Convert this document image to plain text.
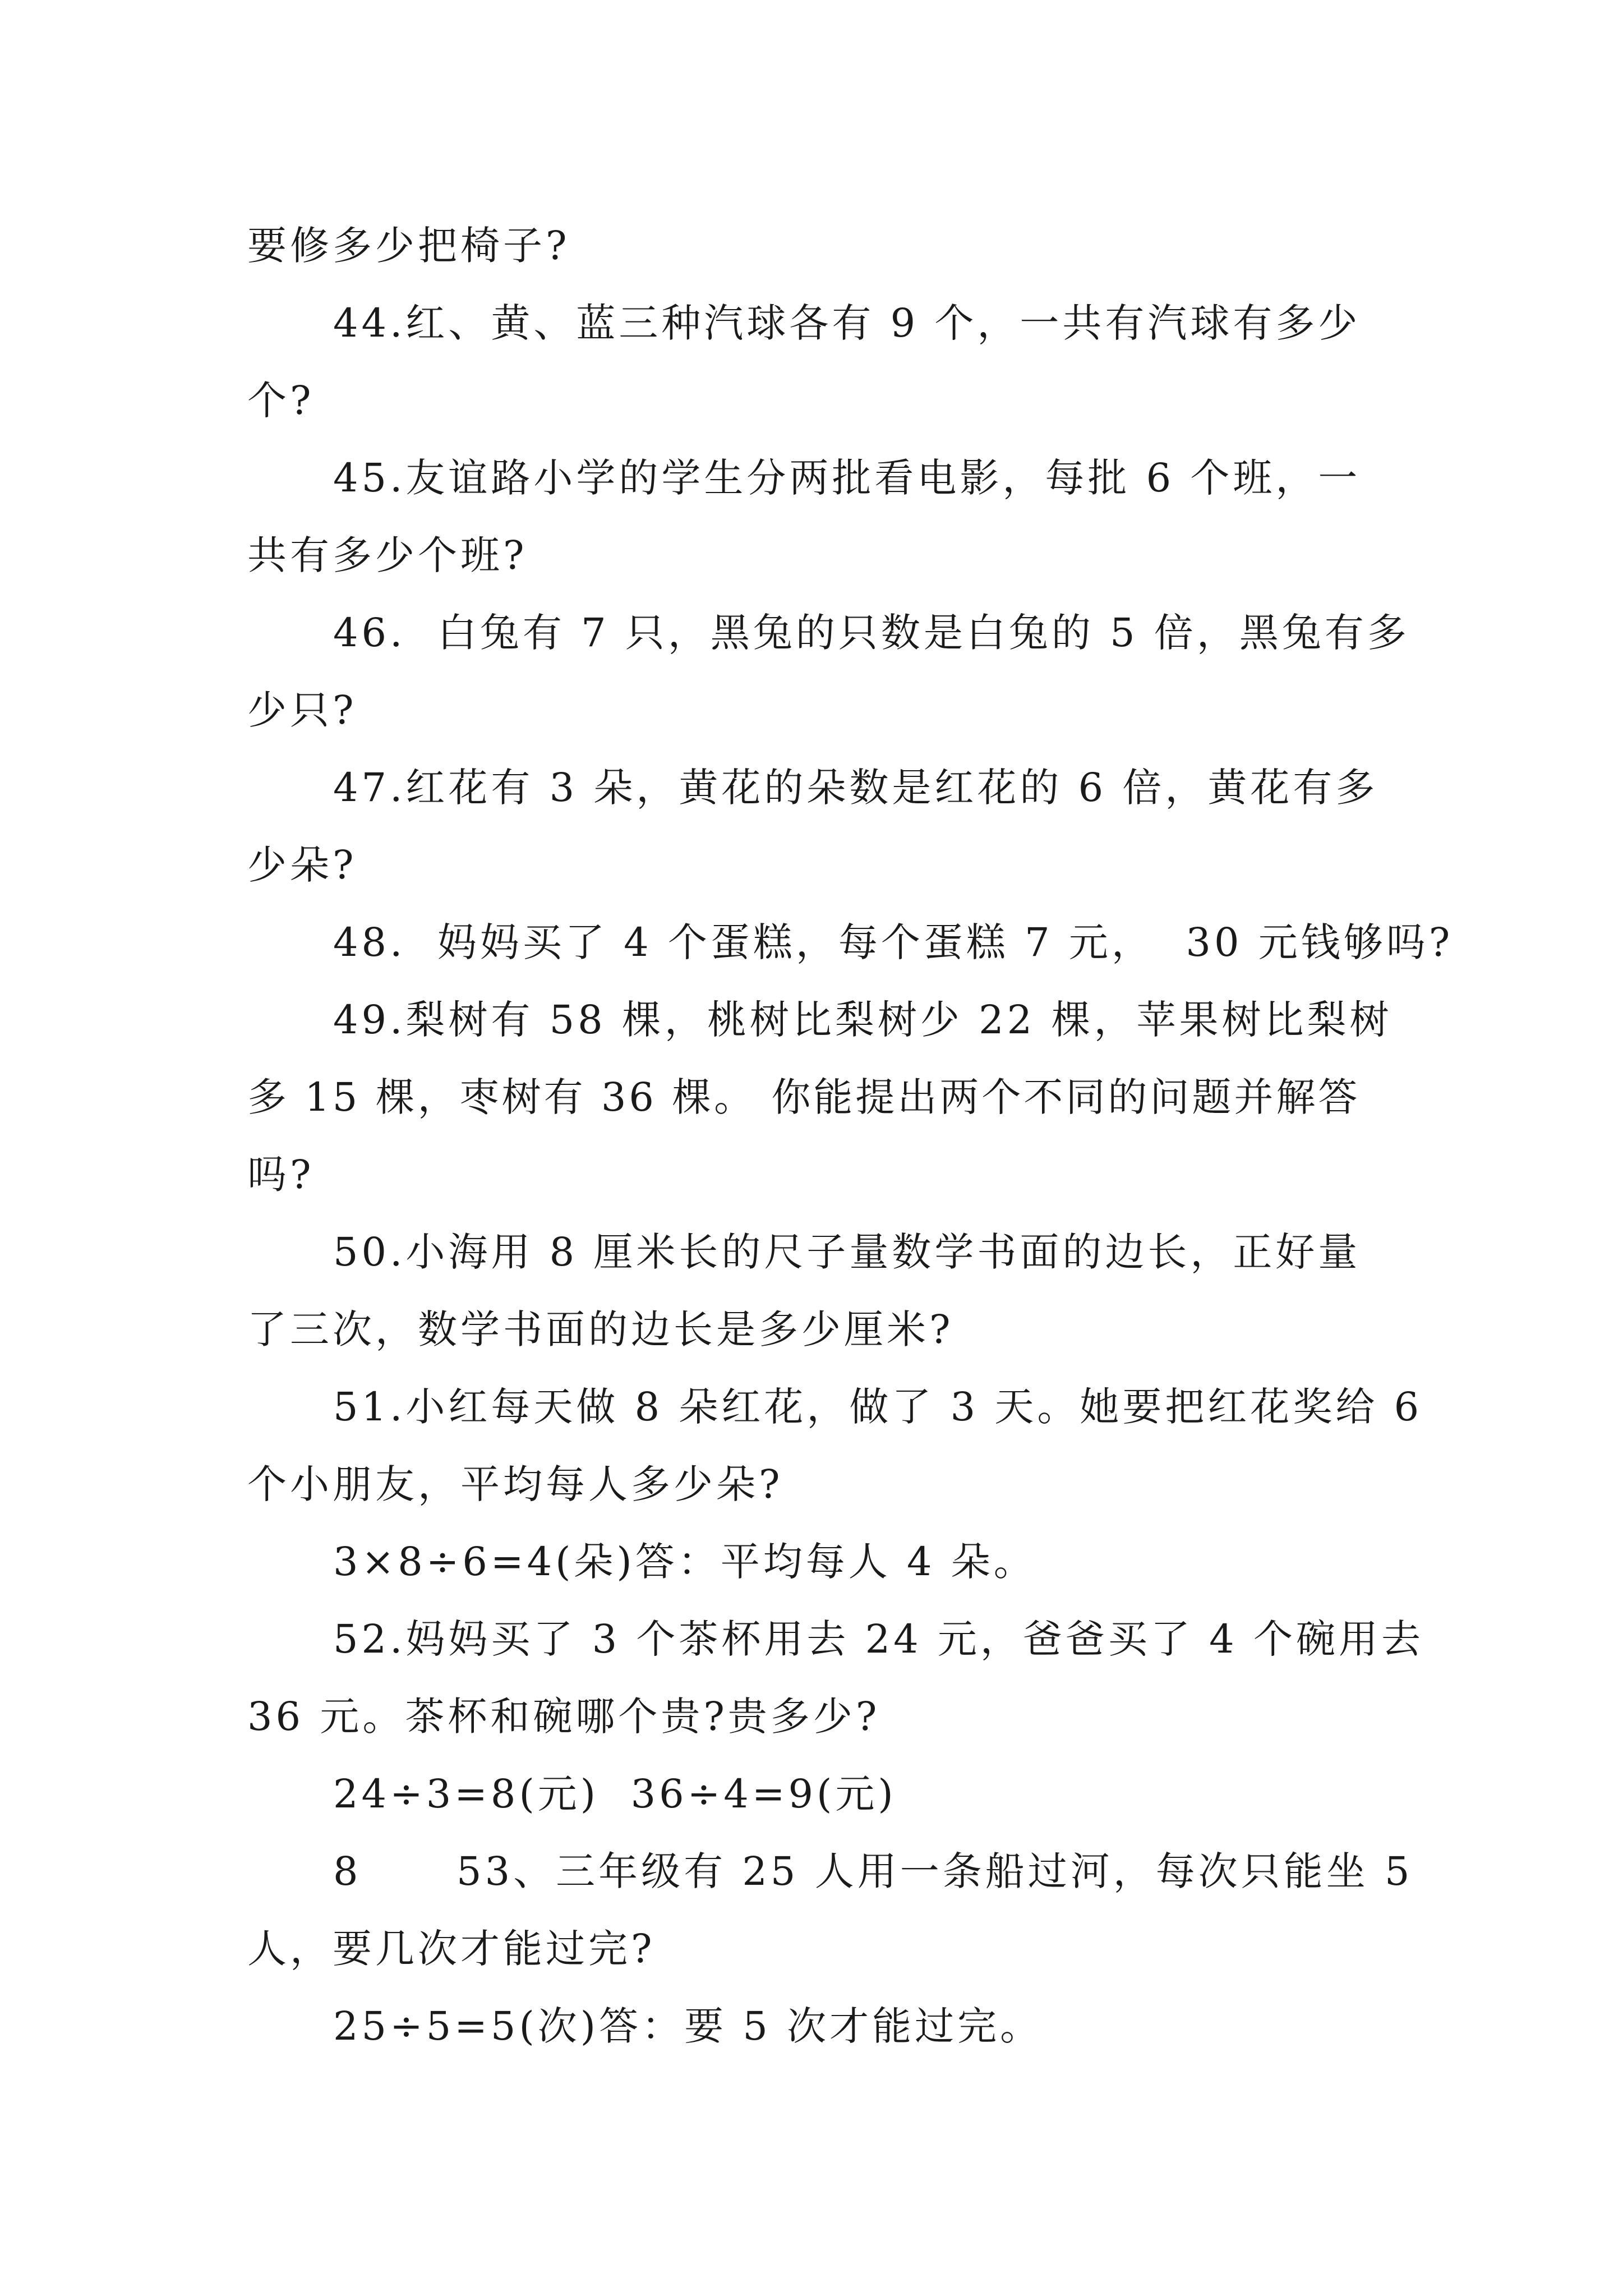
要修多少把椅子?

44.红、黄、蓝三种汽球各有 9 个，一共有汽球有多少

个?

45.友谊路小学的学生分两批看电影，每批 6 个班，一

共有多少个班?

46.  白兔有 7 只，黑兔的只数是白兔的 5 倍，黑兔有多

少只?

47.红花有 3 朵，黄花的朵数是红花的 6 倍，黄花有多

少朵?

48.  妈妈买了 4 个蛋糕，每个蛋糕 7 元，  30 元钱够吗?

49.梨树有 58 棵，桃树比梨树少 22 棵，苹果树比梨树

多 15 棵，枣树有 36 棵。 你能提出两个不同的问题并解答

吗?

50.小海用 8 厘米长的尺子量数学书面的边长，正好量

了三次，数学书面的边长是多少厘米?

51.小红每天做 8 朵红花，做了 3 天。她要把红花奖给 6

个小朋友，平均每人多少朵?

3×8÷6=4(朵)答：平均每人 4 朵。

52.妈妈买了 3 个茶杯用去 24 元，爸爸买了 4 个碗用去

36 元。茶杯和碗哪个贵?贵多少?

24÷3=8(元)  36÷4=9(元)

8      53、三年级有 25 人用一条船过河，每次只能坐 5

人，要几次才能过完?

25÷5=5(次)答：要 5 次才能过完。
